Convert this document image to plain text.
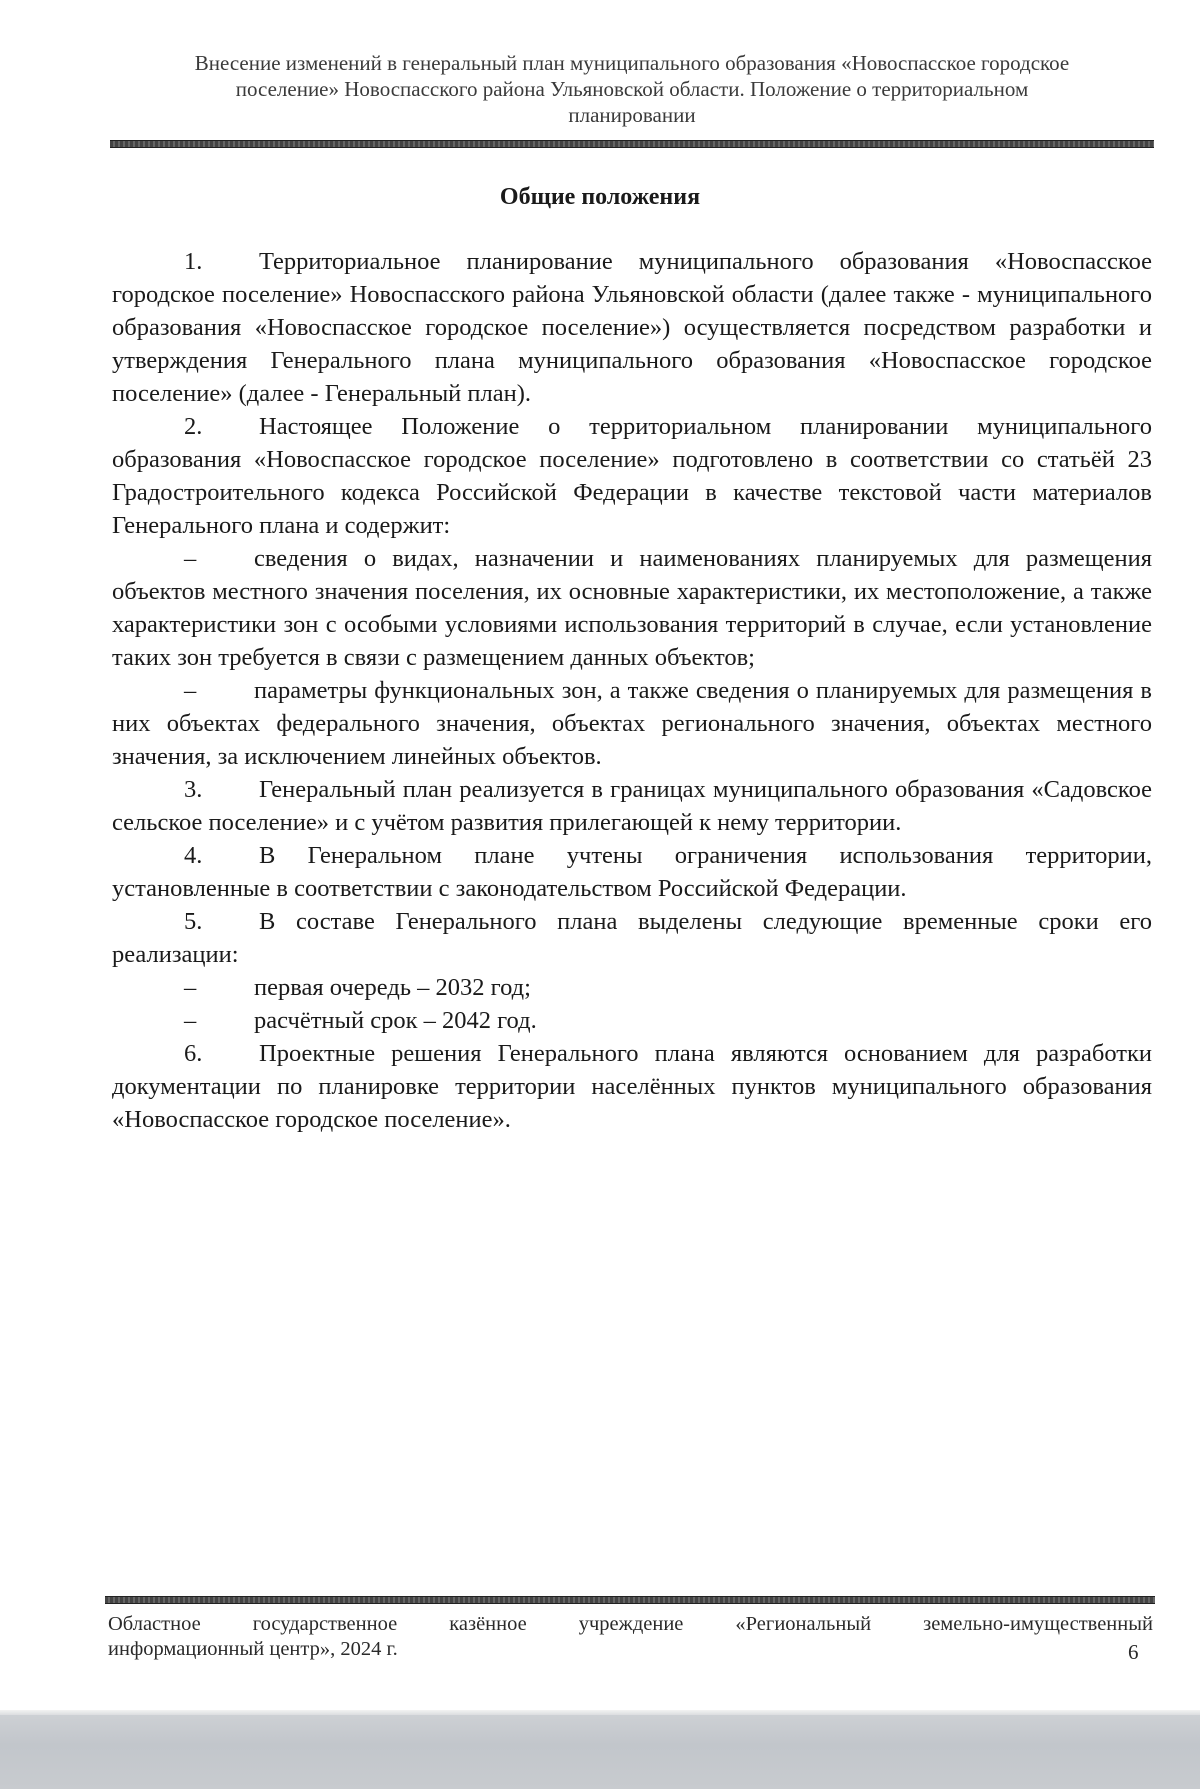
Внесение изменений в генеральный план муниципального образования «Новоспасское городское
поселение» Новоспасского района Ульяновской области. Положение о территориальном
планировании
Общие положения

1. Территориальное планирование муниципального образования «Новоспасское городское поселение» Новоспасского района Ульяновской области (далее также - муниципального образования «Новоспасское городское поселение») осуществляется посредством разработки и утверждения Генерального плана муниципального образования «Новоспасское городское поселение» (далее - Генеральный план).

2. Настоящее Положение о территориальном планировании муниципального образования «Новоспасское городское поселение» подготовлено в соответствии со статьёй 23 Градостроительного кодекса Российской Федерации в качестве текстовой части материалов Генерального плана и содержит:

– сведения о видах, назначении и наименованиях планируемых для размещения объектов местного значения поселения, их основные характеристики, их местоположение, а также характеристики зон с особыми условиями использования территорий в случае, если установление таких зон требуется в связи с размещением данных объектов;

– параметры функциональных зон, а также сведения о планируемых для размещения в них объектах федерального значения, объектах регионального значения, объектах местного значения, за исключением линейных объектов.

3. Генеральный план реализуется в границах муниципального образования «Садовское сельское поселение» и с учётом развития прилегающей к нему территории.

4. В Генеральном плане учтены ограничения использования территории, установленные в соответствии с законодательством Российской Федерации.

5. В составе Генерального плана выделены следующие временные сроки его реализации:

– первая очередь – 2032 год;

– расчётный срок – 2042 год.

6. Проектные решения Генерального плана являются основанием для разработки документации по планировке территории населённых пунктов муниципального образования «Новоспасское городское поселение».

Областное государственное казённое учреждение «Региональный земельно-имущественный
информационный центр», 2024 г.	6
